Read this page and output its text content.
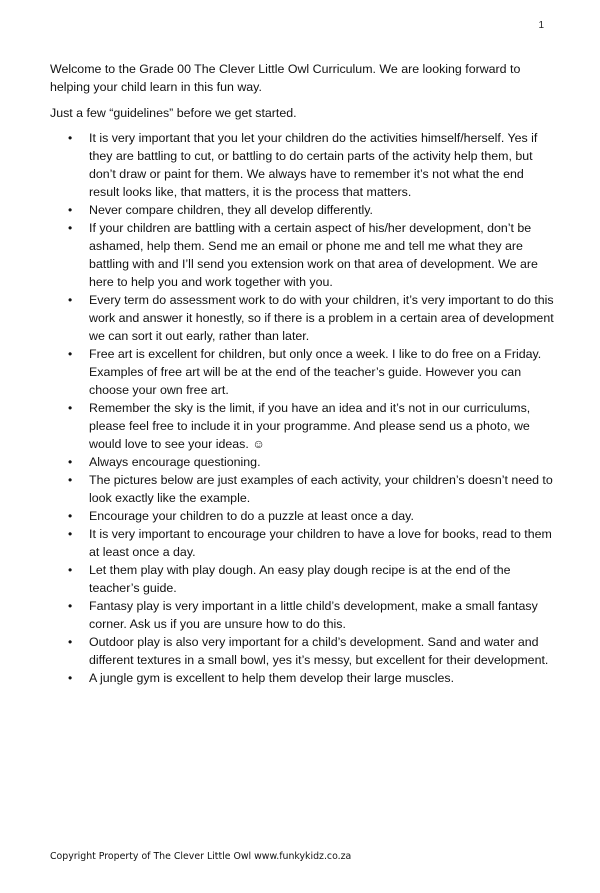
1

Welcome to the Grade 00 The Clever Little Owl Curriculum. We are looking forward to helping your child learn in this fun way.

Just a few “guidelines” before we get started.

• It is very important that you let your children do the activities himself/herself. Yes if they are battling to cut, or battling to do certain parts of the activity help them, but don’t draw or paint for them. We always have to remember it’s not what the end result looks like, that matters, it is the process that matters.
• Never compare children, they all develop differently.
• If your children are battling with a certain aspect of his/her development, don’t be ashamed, help them. Send me an email or phone me and tell me what they are battling with and I’ll send you extension work on that area of development. We are here to help you and work together with you.
• Every term do assessment work to do with your children, it’s very important to do this work and answer it honestly, so if there is a problem in a certain area of development we can sort it out early, rather than later.
• Free art is excellent for children, but only once a week. I like to do free on a Friday. Examples of free art will be at the end of the teacher’s guide. However you can choose your own free art.
• Remember the sky is the limit, if you have an idea and it’s not in our curriculums, please feel free to include it in your programme. And please send us a photo, we would love to see your ideas. ☺
• Always encourage questioning.
• The pictures below are just examples of each activity, your children’s doesn’t need to look exactly like the example.
• Encourage your children to do a puzzle at least once a day.
• It is very important to encourage your children to have a love for books, read to them at least once a day.
• Let them play with play dough. An easy play dough recipe is at the end of the teacher’s guide.
• Fantasy play is very important in a little child’s development, make a small fantasy corner. Ask us if you are unsure how to do this.
• Outdoor play is also very important for a child’s development. Sand and water and different textures in a small bowl, yes it’s messy, but excellent for their development.
• A jungle gym is excellent to help them develop their large muscles.
Copyright Property of The Clever Little Owl www.funkykidz.co.za
